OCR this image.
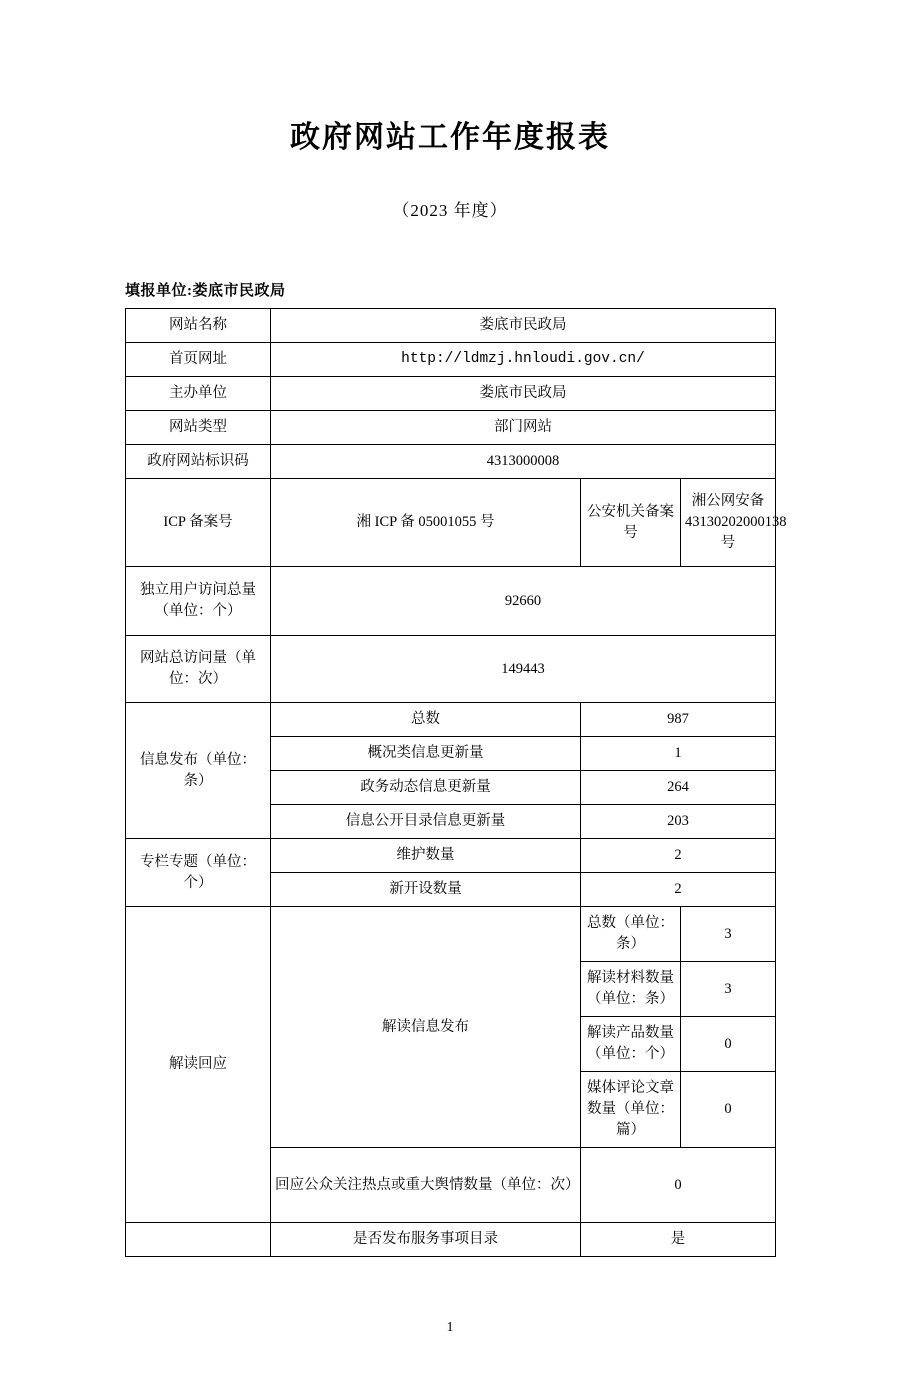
政府网站工作年度报表
（2023 年度）
填报单位:娄底市民政局
网站名称	娄底市民政局		
首页网址	http://ldmzj.hnloudi.gov.cn/		
主办单位	娄底市民政局		
网站类型	部门网站		
政府网站标识码	4313000008		
ICP 备案号	湘 ICP 备 05001055 号	公安机关备案号	湘公网安备 43130202000138 号
独立用户访问总量（单位：个）	92660		
网站总访问量（单位：次）	149443		
信息发布（单位：条）	总数	987	
	概况类信息更新量	1	
	政务动态信息更新量	264	
	信息公开目录信息更新量	203	
专栏专题（单位：个）	维护数量	2	
	新开设数量	2	
解读回应	解读信息发布	总数（单位：条）	3
		解读材料数量（单位：条）	3
		解读产品数量（单位：个）	0
		媒体评论文章数量（单位：篇）	0
	回应公众关注热点或重大舆情数量（单位：次）	0	
	是否发布服务事项目录	是	
1
